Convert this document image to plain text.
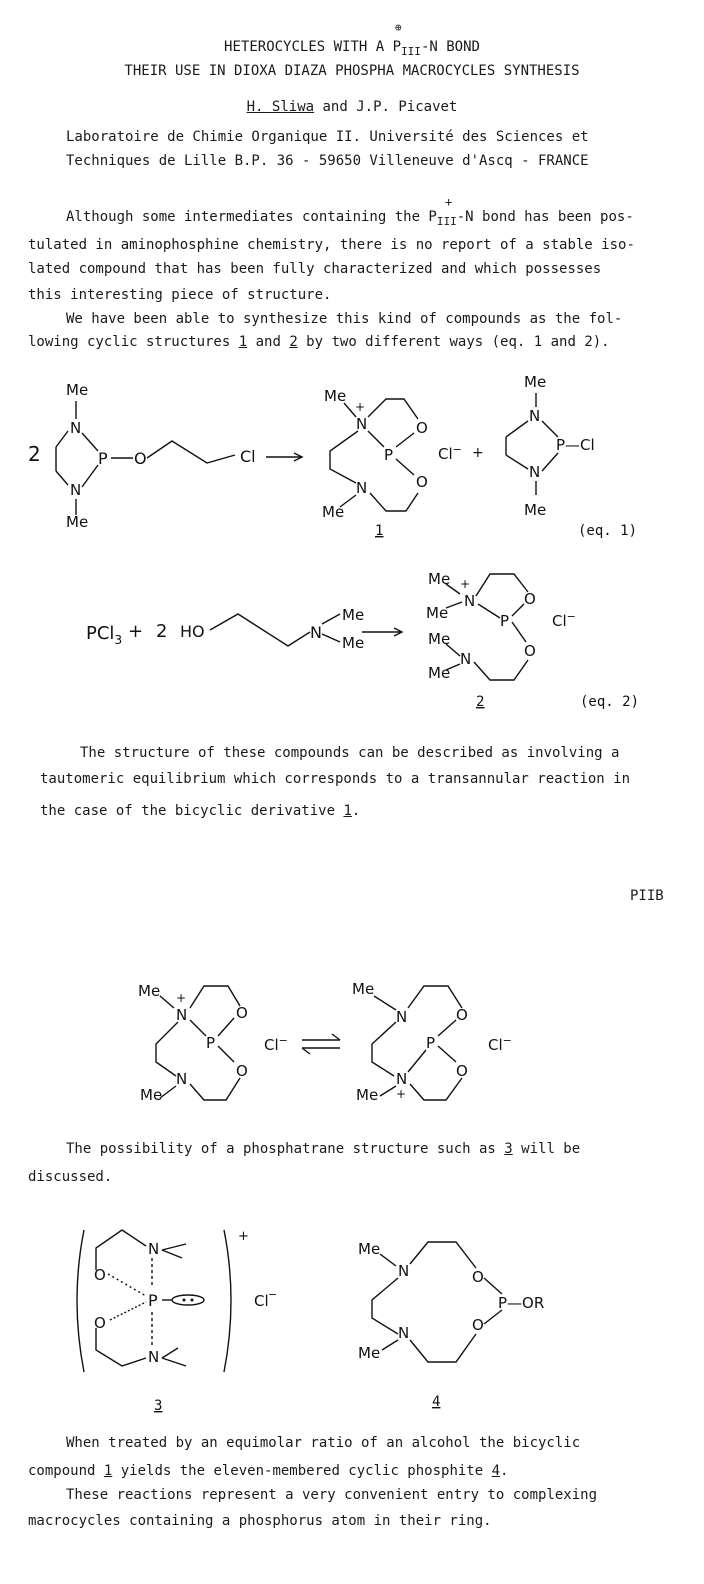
⊕

HETEROCYCLES WITH A $P_{III}-N$ BOND

THEIR USE IN DIOXA DIAZA PHOSPHA MACROCYCLES SYNTHESIS

H. Sliwa and J.P. Picavet

Laboratoire de Chimie Organique II. Université des Sciences et

Techniques de Lille B.P. 36 - 59650 Villeneuve d'Ascq - FRANCE

+

Although some intermediates containing the $P_{III}-N$ bond has been pos-

tulated in aminophosphine chemistry, there is no report of a stable iso-

lated compound that has been fully characterized and which possesses

this interesting piece of structure.

We have been able to synthesize this kind of compounds as the fol-

lowing cyclic structures 1 and 2 by two different ways (eq. 1 and 2).

2
Me
N
N
Me
P O	Cl
Me
+
N	O
P
N	O
Me
Cl− +
Me
N
N
Me
P—Cl
1	(eq. 1)
PCl$_3$ + 2 HO	N
Me
Me
Me +
N
Me
O
P
Me
N
Me
O
Cl−
2	(eq. 2)

The structure of these compounds can be described as involving a

tautomeric equilibrium which corresponds to a transannular reaction in

the case of the bicyclic derivative 1.

PIIB

Me +
N	O
P
N	O
Me
Cl−
Me
N	O
P
N
+
O
Me
Cl−

The possibility of a phosphatrane structure such as 3 will be

discussed.

+
N
O
P
O
N
Cl −
Me
N	O
P—OR
O
N
Me
3	4

When treated by an equimolar ratio of an alcohol the bicyclic

compound 1 yields the eleven-membered cyclic phosphite 4.

These reactions represent a very convenient entry to complexing

macrocycles containing a phosphorus atom in their ring.
